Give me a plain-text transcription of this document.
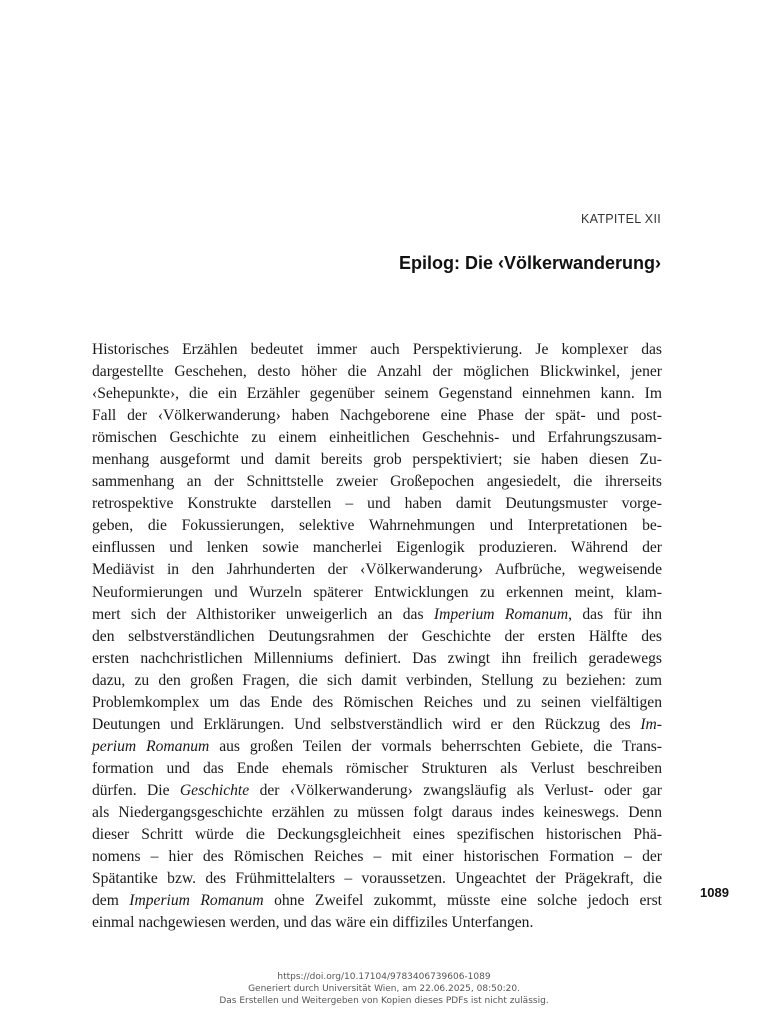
KATPITEL XII
Epilog: Die ‹Völkerwanderung›
Historisches Erzählen bedeutet immer auch Perspektivierung. Je komplexer das
dargestellte Geschehen, desto höher die Anzahl der möglichen Blickwinkel, jener
‹Sehepunkte›, die ein Erzähler gegenüber seinem Gegenstand einnehmen kann. Im
Fall der ‹Völkerwanderung› haben Nachgeborene eine Phase der spät- und post-
römischen Geschichte zu einem einheitlichen Geschehnis- und Erfahrungszusam-
menhang ausgeformt und damit bereits grob perspektiviert; sie haben diesen Zu-
sammenhang an der Schnittstelle zweier Großepochen angesiedelt, die ihrerseits
retrospektive Konstrukte darstellen – und haben damit Deutungsmuster vorge-
geben, die Fokussierungen, selektive Wahrnehmungen und Interpretationen be-
einflussen und lenken sowie mancherlei Eigenlogik produzieren. Während der
Mediävist in den Jahrhunderten der ‹Völkerwanderung› Aufbrüche, wegweisende
Neuformierungen und Wurzeln späterer Entwicklungen zu erkennen meint, klam-
mert sich der Althistoriker unweigerlich an das Imperium Romanum, das für ihn
den selbstverständlichen Deutungsrahmen der Geschichte der ersten Hälfte des
ersten nachchristlichen Millenniums definiert. Das zwingt ihn freilich geradewegs
dazu, zu den großen Fragen, die sich damit verbinden, Stellung zu beziehen: zum
Problemkomplex um das Ende des Römischen Reiches und zu seinen vielfältigen
Deutungen und Erklärungen. Und selbstverständlich wird er den Rückzug des Im-
perium Romanum aus großen Teilen der vormals beherrschten Gebiete, die Trans-
formation und das Ende ehemals römischer Strukturen als Verlust beschreiben
dürfen. Die Geschichte der ‹Völkerwanderung› zwangsläufig als Verlust- oder gar
als Niedergangsgeschichte erzählen zu müssen folgt daraus indes keineswegs. Denn
dieser Schritt würde die Deckungsgleichheit eines spezifischen historischen Phä-
nomens – hier des Römischen Reiches – mit einer historischen Formation – der
Spätantike bzw. des Frühmittelalters – voraussetzen. Ungeachtet der Prägekraft, die
dem Imperium Romanum ohne Zweifel zukommt, müsste eine solche jedoch erst
einmal nachgewiesen werden, und das wäre ein diffiziles Unterfangen.
1089
https://doi.org/10.17104/9783406739606-1089
Generiert durch Universität Wien, am 22.06.2025, 08:50:20.
Das Erstellen und Weitergeben von Kopien dieses PDFs ist nicht zulässig.
